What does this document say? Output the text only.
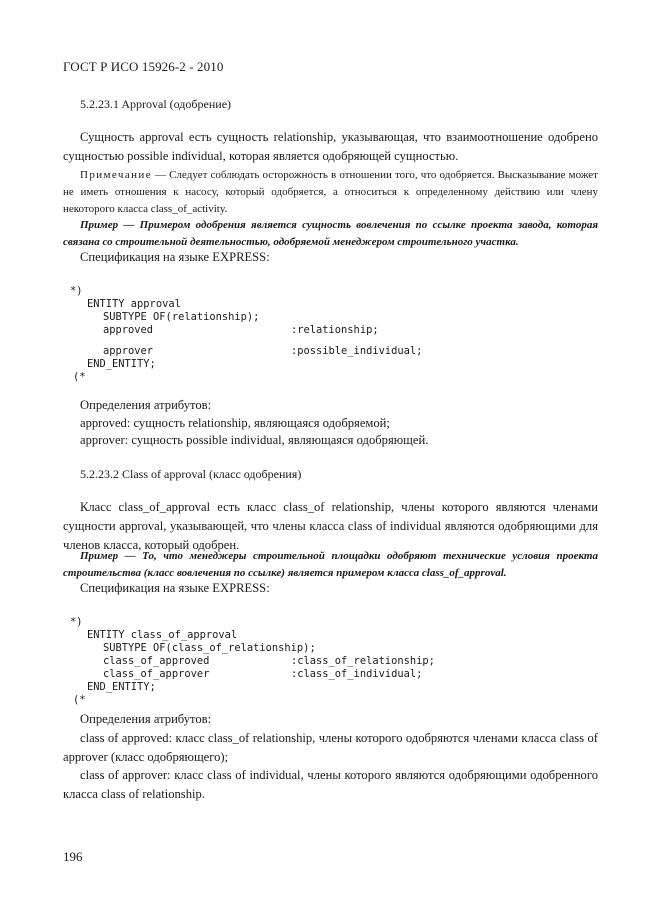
ГОСТ Р ИСО 15926-2 - 2010
5.2.23.1 Approval (одобрение)

Сущность approval есть сущность relationship, указывающая, что взаимоотношение одобрено сущностью possible individual, которая является одобряющей сущностью.

Примечание — Следует соблюдать осторожность в отношении того, что одобряется. Высказывание может не иметь отношения к насосу, который одобряется, а относиться к определенному действию или члену некоторого класса class_of_activity.

Пример — Примером одобрения является сущность вовлечения по ссылке проекта завода, которая связана со строительной деятельностью, одобряемой менеджером строительного участка.

Спецификация на языке EXPRESS:
*)
ENTITY approval
SUBTYPE OF(relationship);
approved	:relationship;
approver	:possible_individual;
END_ENTITY;
(*
Определения атрибутов:
approved: сущность relationship, являющаяся одобряемой;
approver: сущность possible individual, являющаяся одобряющей.
5.2.23.2 Class of approval (класс одобрения)

Класс class_of_approval есть класс class_of relationship, члены которого являются членами сущности approval, указывающей, что члены класса class of individual являются одобряющими для членов класса, который одобрен.

Пример — То, что менеджеры строительной площадки одобряют технические условия проекта строительства (класс вовлечения по ссылке) является примером класса class_of_approval.

Спецификация на языке EXPRESS:
*)
ENTITY class_of_approval
SUBTYPE OF(class_of_relationship);
class_of_approved	:class_of_relationship;
class_of_approver	:class_of_individual;
END_ENTITY;
(*
Определения атрибутов:

class of approved: класс class_of relationship, члены которого одобряются членами класса class of approver (класс одобряющего);

class of approver: класс class of individual, члены которого являются одобряющими одобренного класса class of relationship.

196
